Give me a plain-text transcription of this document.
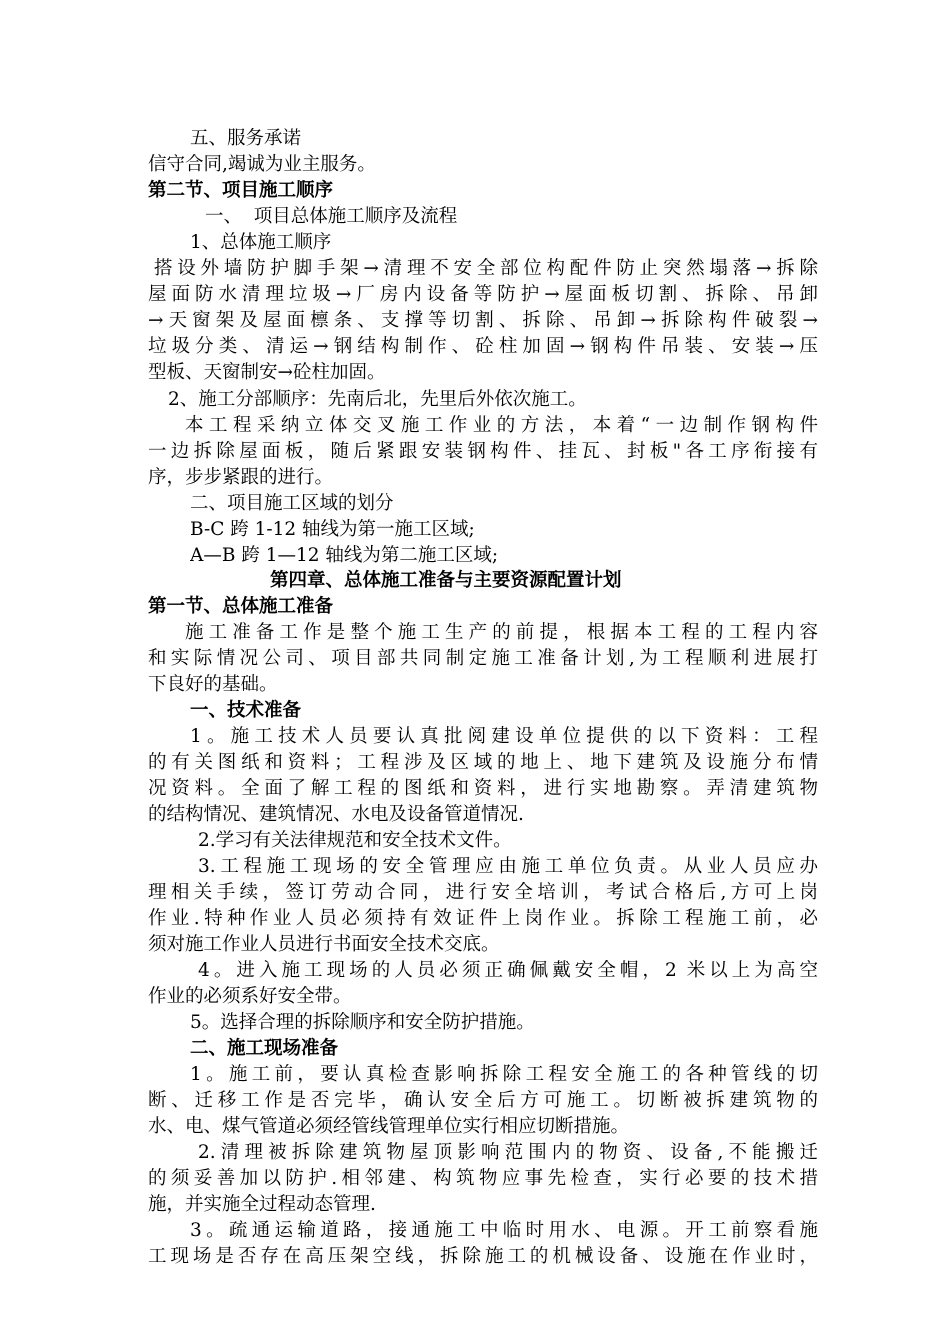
五、服务承诺
信守合同,竭诚为业主服务。
第二节、项目施工顺序
一、  项目总体施工顺序及流程
1、总体施工顺序
搭设外墙防护脚手架→清理不安全部位构配件防止突然塌落→拆除
屋面防水清理垃圾→厂房内设备等防护→屋面板切割、拆除、吊卸
→天窗架及屋面檩条、支撑等切割、拆除、吊卸→拆除构件破裂→
垃圾分类、清运→钢结构制作、砼柱加固→钢构件吊装、安装→压
型板、天窗制安→砼柱加固。
2、施工分部顺序：先南后北，先里后外依次施工。
本工程采纳立体交叉施工作业的方法，本着“一边制作钢构件
一边拆除屋面板，随后紧跟安装钢构件、挂瓦、封板"各工序衔接有
序，步步紧跟的进行。
二、项目施工区域的划分
B-C 跨 1-12 轴线为第一施工区域;
A—B 跨 1—12 轴线为第二施工区域;
第四章、总体施工准备与主要资源配置计划
第一节、总体施工准备
施工准备工作是整个施工生产的前提，根据本工程的工程内容
和实际情况公司、项目部共同制定施工准备计划,为工程顺利进展打
下良好的基础。
一、技术准备
1。施工技术人员要认真批阅建设单位提供的以下资料：工程
的有关图纸和资料；工程涉及区域的地上、地下建筑及设施分布情
况资料。全面了解工程的图纸和资料，进行实地勘察。弄清建筑物
的结构情况、建筑情况、水电及设备管道情况.
2.学习有关法律规范和安全技术文件。
3.工程施工现场的安全管理应由施工单位负责。从业人员应办
理相关手续，签订劳动合同，进行安全培训，考试合格后,方可上岗
作业.特种作业人员必须持有效证件上岗作业。拆除工程施工前，必
须对施工作业人员进行书面安全技术交底。
4。进入施工现场的人员必须正确佩戴安全帽，2 米以上为高空
作业的必须系好安全带。
5。选择合理的拆除顺序和安全防护措施。
二、施工现场准备
1。施工前，要认真检查影响拆除工程安全施工的各种管线的切
断、迁移工作是否完毕，确认安全后方可施工。切断被拆建筑物的
水、电、煤气管道必须经管线管理单位实行相应切断措施。
2.清理被拆除建筑物屋顶影响范围内的物资、设备,不能搬迁
的须妥善加以防护.相邻建、构筑物应事先检查，实行必要的技术措
施，并实施全过程动态管理.
3。疏通运输道路，接通施工中临时用水、电源。开工前察看施
工现场是否存在高压架空线，拆除施工的机械设备、设施在作业时，
